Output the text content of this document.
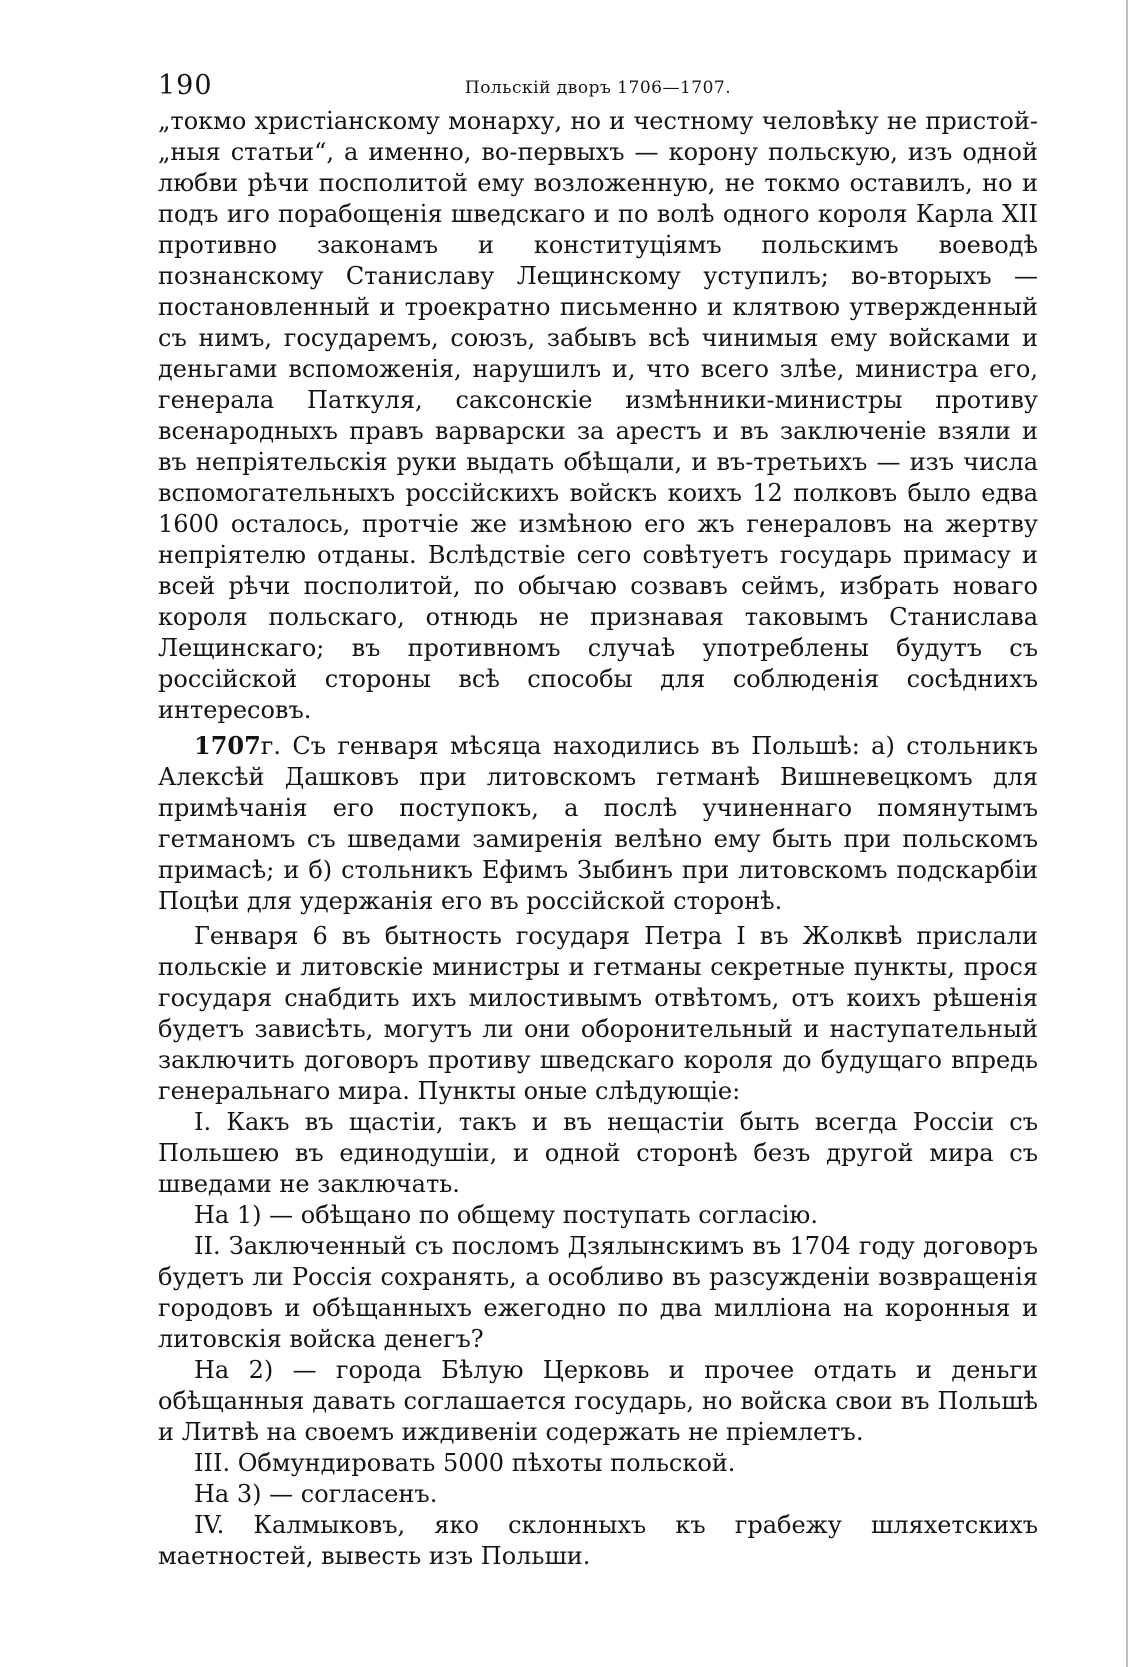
190	Польскій дворъ 1706—1707.

„токмо христіанскому монарху, но и честному человѣку не пристой-„ныя статьи“, а именно, во-первыхъ — корону польскую, изъ одной любви рѣчи посполитой ему возложенную, не токмо оставилъ, но и подъ иго порабощенія шведскаго и по волѣ одного короля Карла XII противно законамъ и конституціямъ польскимъ воеводѣ познанскому Станиславу Лещинскому уступилъ; во-вторыхъ — постановленный и троекратно письменно и клятвою утвержденный съ нимъ, государемъ, союзъ, забывъ всѣ чинимыя ему войсками и деньгами вспоможенія, нарушилъ и, что всего злѣе, министра его, генерала Паткуля, саксонскіе измѣнники-министры противу всенародныхъ правъ варварски за арестъ и въ заключеніе взяли и въ непріятельскія руки выдать обѣщали, и въ-третьихъ — изъ числа вспомогательныхъ россійскихъ войскъ коихъ 12 полковъ было едва 1600 осталось, протчіе же измѣною его жъ генераловъ на жертву непріятелю отданы. Вслѣдствіе сего совѣтуетъ государь примасу и всей рѣчи посполитой, по обычаю созвавъ сеймъ, избрать новаго короля польскаго, отнюдь не признавая таковымъ Станислава Лещинскаго; въ противномъ случаѣ употреблены будутъ съ россійской стороны всѣ способы для соблюденія сосѣднихъ интересовъ.

1707г. Съ генваря мѣсяца находились въ Польшѣ: а) стольникъ Алексѣй Дашковъ при литовскомъ гетманѣ Вишневецкомъ для примѣчанія его поступокъ, а послѣ учиненнаго помянутымъ гетманомъ съ шведами замиренія велѣно ему быть при польскомъ примасѣ; и б) стольникъ Ефимъ Зыбинъ при литовскомъ подскарбіи Поцѣи для удержанія его въ россійской сторонѣ.

Генваря 6 въ бытность государя Петра I въ Жолквѣ прислали польскіе и литовскіе министры и гетманы секретные пункты, прося государя снабдить ихъ милостивымъ отвѣтомъ, отъ коихъ рѣшенія будетъ зависѣть, могутъ ли они оборонительный и наступательный заключить договоръ противу шведскаго короля до будущаго впредь генеральнаго мира. Пункты оные слѣдующіе:

I. Какъ въ щастіи, такъ и въ нещастіи быть всегда Россіи съ Польшею въ единодушіи, и одной сторонѣ безъ другой мира съ шведами не заключать.

На 1) — обѣщано по общему поступать согласію.

II. Заключенный съ посломъ Дзялынскимъ въ 1704 году договоръ будетъ ли Россія сохранять, а особливо въ разсужденіи возвращенія городовъ и обѣщанныхъ ежегодно по два милліона на коронныя и литовскія войска денегъ?

На 2) — города Бѣлую Церковь и прочее отдать и деньги обѣщанныя давать соглашается государь, но войска свои въ Польшѣ и Литвѣ на своемъ иждивеніи содержать не пріемлетъ.

III. Обмундировать 5000 пѣхоты польской.

На 3) — согласенъ.

IV. Калмыковъ, яко склонныхъ къ грабежу шляхетскихъ маетностей, вывесть изъ Польши.
